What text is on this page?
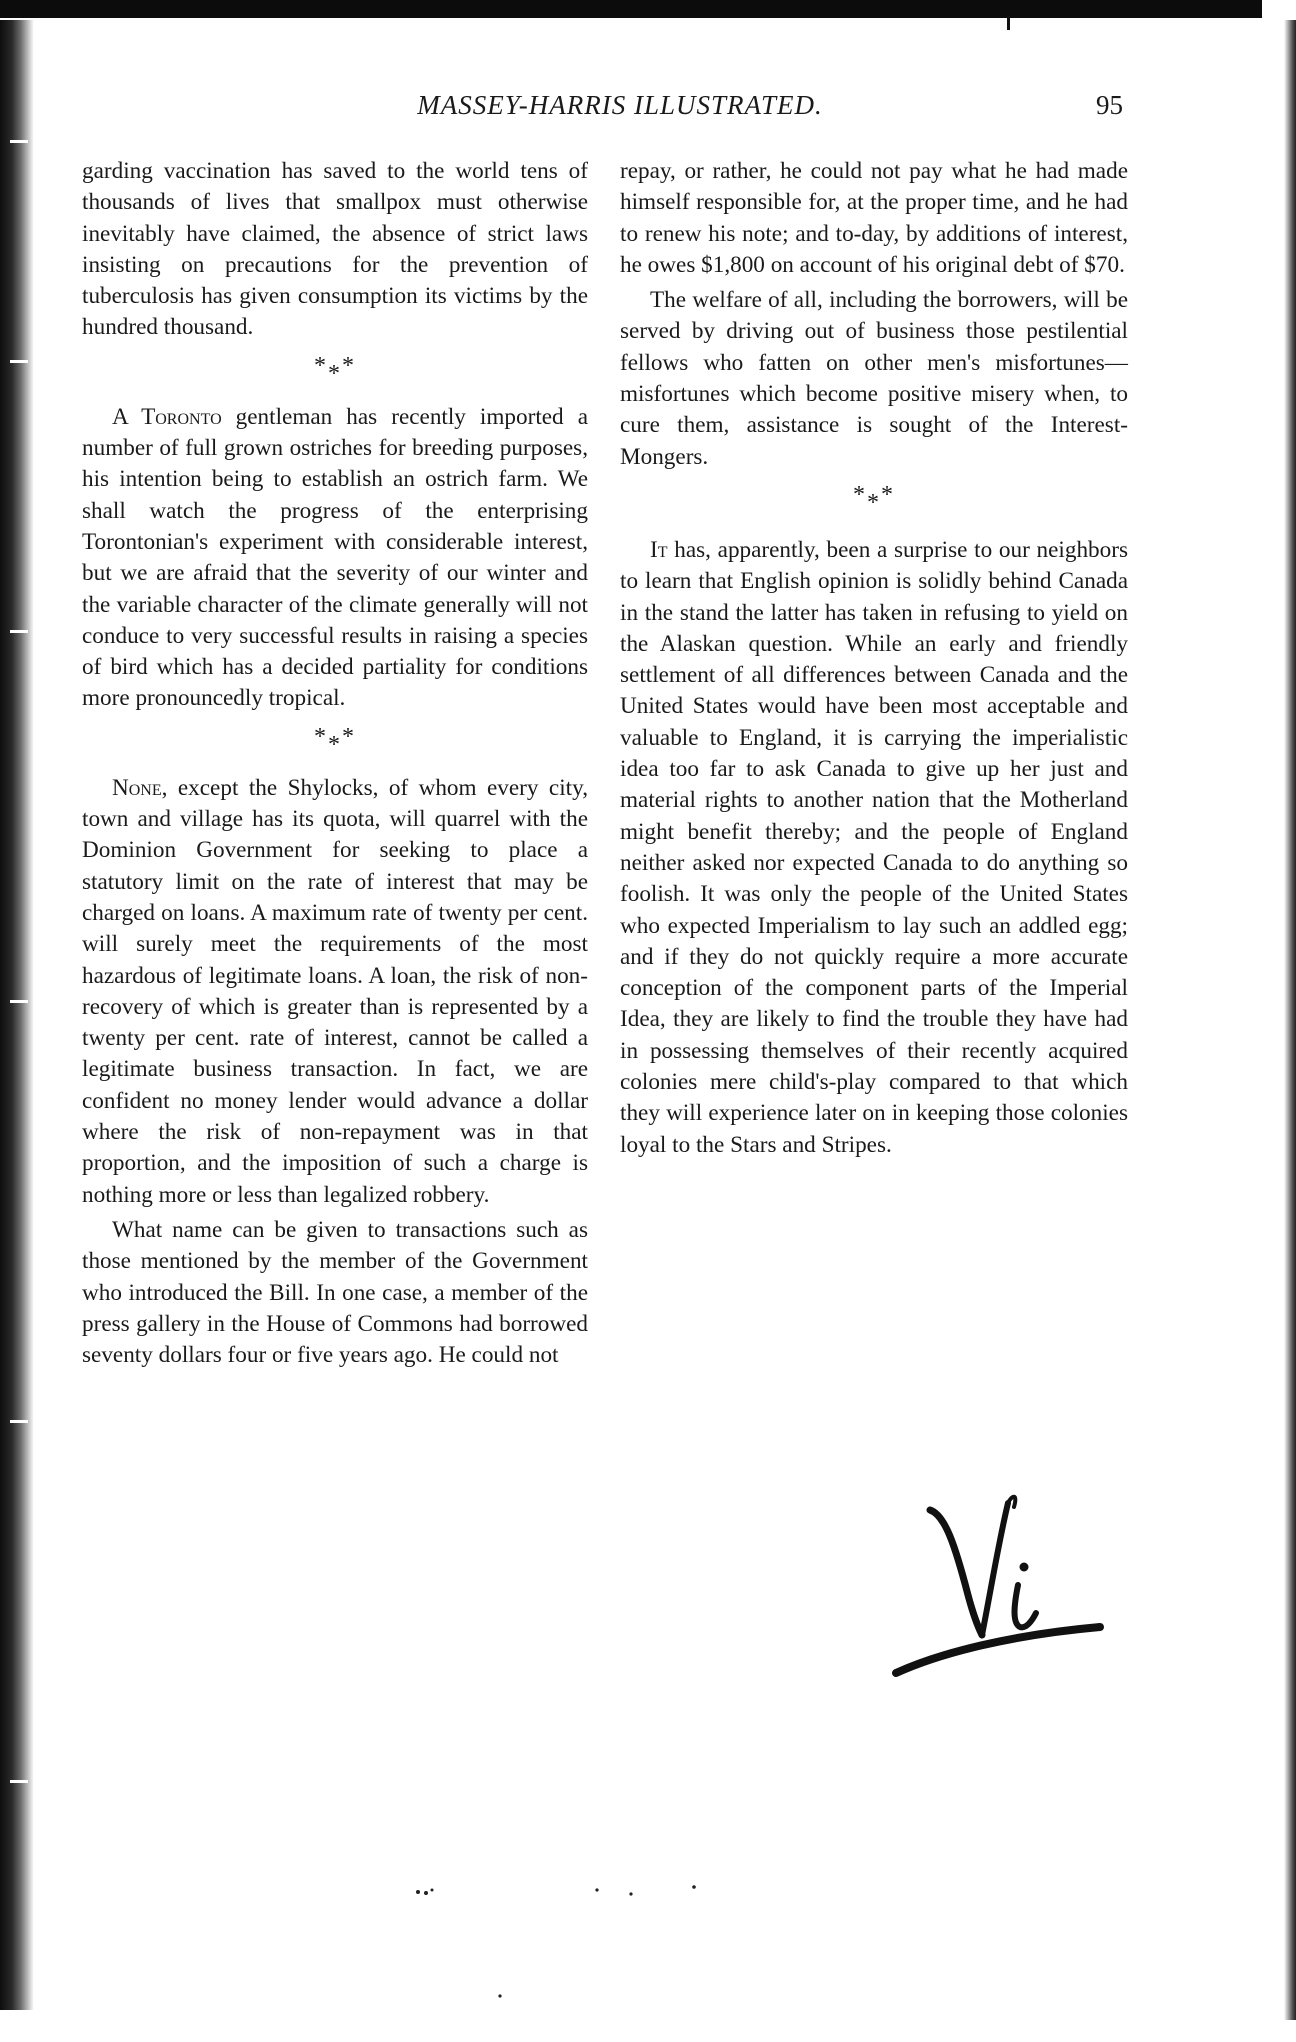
MASSEY-HARRIS ILLUSTRATED.	95

garding vaccination has saved to the world tens of thousands of lives that smallpox must otherwise inevitably have claimed, the absence of strict laws insisting on precautions for the prevention of tuberculosis has given consumption its victims by the hundred thousand.

***

A Toronto gentleman has recently imported a number of full grown ostriches for breeding purposes, his intention being to establish an ostrich farm. We shall watch the progress of the enterprising Torontonian's experiment with considerable interest, but we are afraid that the severity of our winter and the variable character of the climate generally will not conduce to very successful results in raising a species of bird which has a decided partiality for conditions more pronouncedly tropical.

***

None, except the Shylocks, of whom every city, town and village has its quota, will quarrel with the Dominion Government for seeking to place a statutory limit on the rate of interest that may be charged on loans. A maximum rate of twenty per cent. will surely meet the requirements of the most hazardous of legitimate loans. A loan, the risk of non-recovery of which is greater than is represented by a twenty per cent. rate of interest, cannot be called a legitimate business transaction. In fact, we are confident no money lender would advance a dollar where the risk of non-repayment was in that proportion, and the imposition of such a charge is nothing more or less than legalized robbery.

What name can be given to transactions such as those mentioned by the member of the Government who introduced the Bill. In one case, a member of the press gallery in the House of Commons had borrowed seventy dollars four or five years ago. He could not

repay, or rather, he could not pay what he had made himself responsible for, at the proper time, and he had to renew his note; and to-day, by additions of interest, he owes $1,800 on account of his original debt of $70.

The welfare of all, including the borrowers, will be served by driving out of business those pestilential fellows who fatten on other men's misfortunes—misfortunes which become positive misery when, to cure them, assistance is sought of the Interest-Mongers.

***

It has, apparently, been a surprise to our neighbors to learn that English opinion is solidly behind Canada in the stand the latter has taken in refusing to yield on the Alaskan question. While an early and friendly settlement of all differences between Canada and the United States would have been most acceptable and valuable to England, it is carrying the imperialistic idea too far to ask Canada to give up her just and material rights to another nation that the Motherland might benefit thereby; and the people of England neither asked nor expected Canada to do anything so foolish. It was only the people of the United States who expected Imperialism to lay such an addled egg; and if they do not quickly require a more accurate conception of the component parts of the Imperial Idea, they are likely to find the trouble they have had in possessing themselves of their recently acquired colonies mere child's-play compared to that which they will experience later on in keeping those colonies loyal to the Stars and Stripes.
